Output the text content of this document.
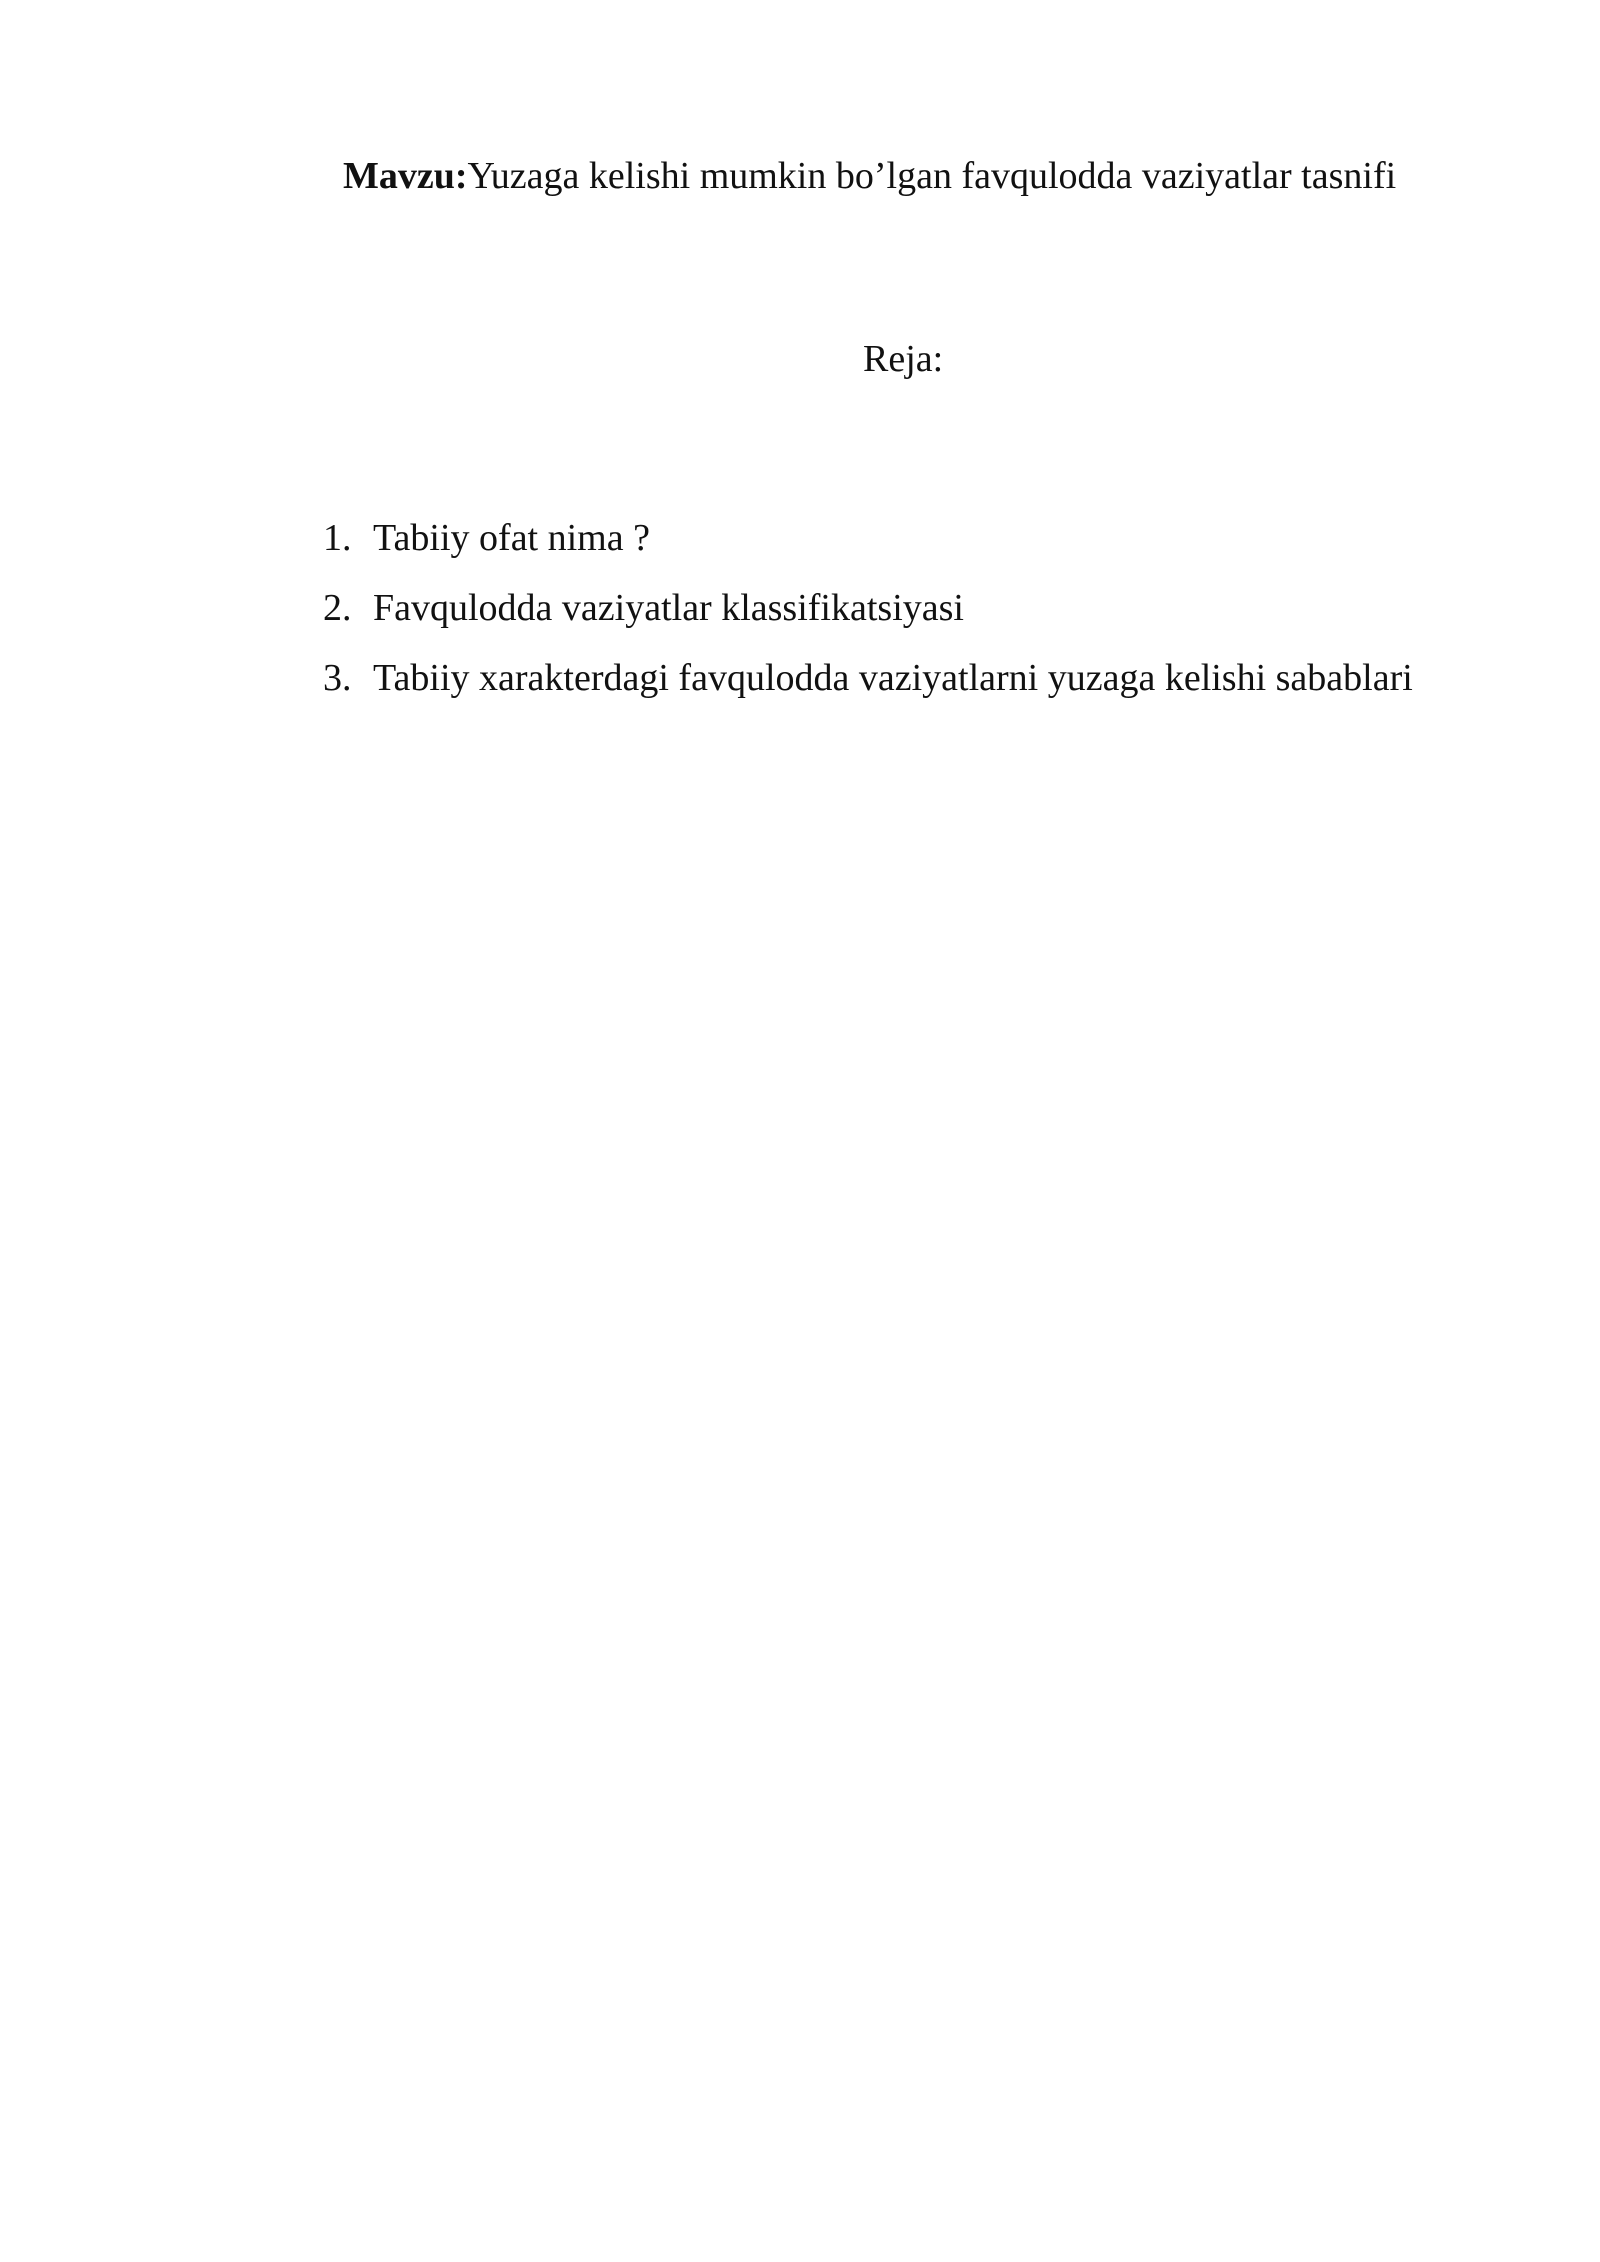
Mavzu:Yuzaga kelishi mumkin bo’lgan favqulodda vaziyatlar tasnifi
Reja:
1. Tabiiy ofat nima ?
2. Favqulodda vaziyatlar klassifikatsiyasi
3. Tabiiy xarakterdagi favqulodda vaziyatlarni yuzaga kelishi sabablari
